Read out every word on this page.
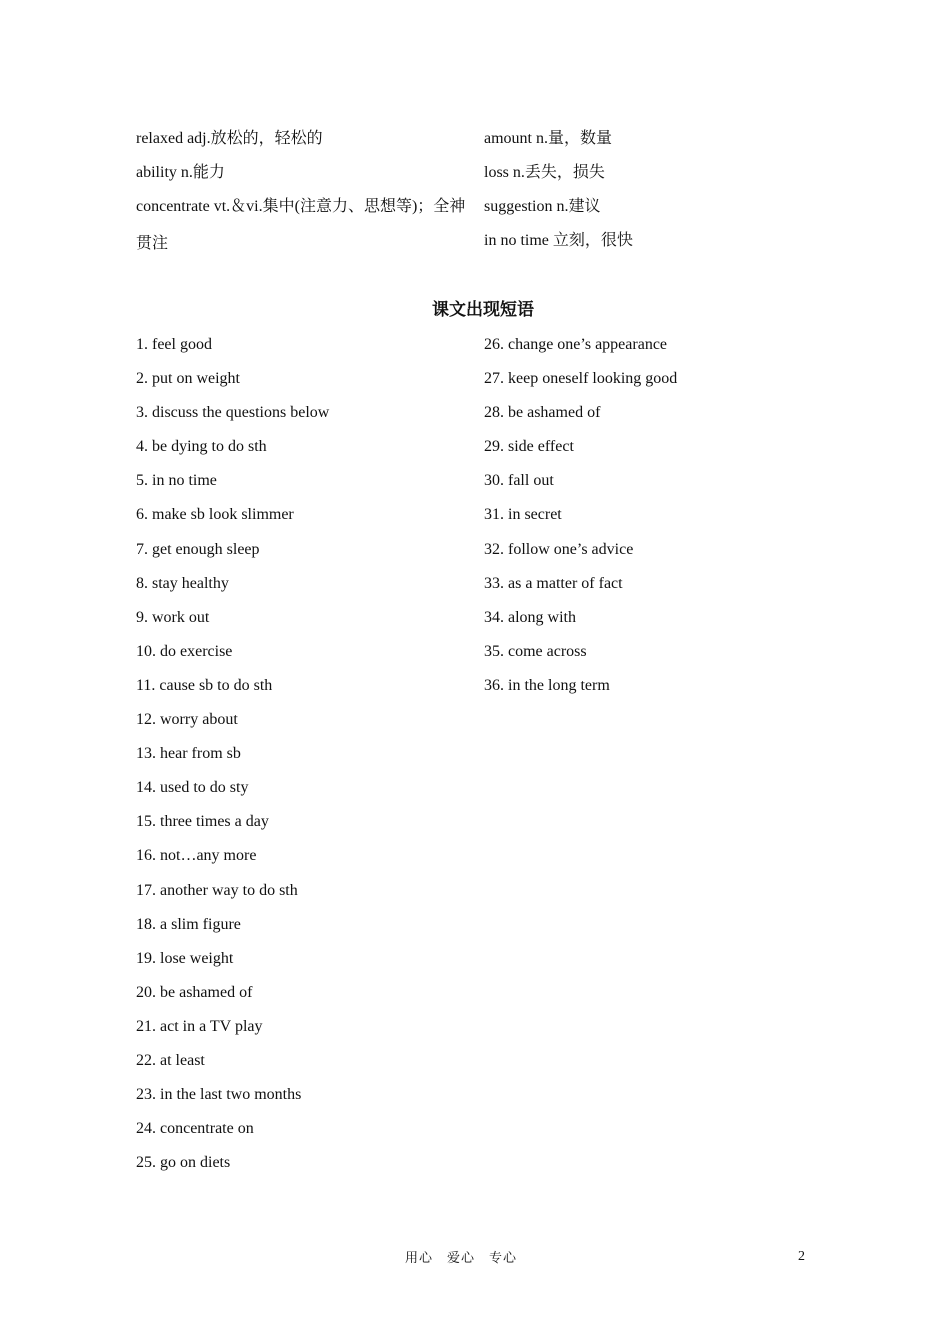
relaxed adj.放松的，轻松的
ability n.能力
concentrate vt.＆vi.集中(注意力、思想等)；全神
贯注
amount n.量，数量
loss n.丢失，损失
suggestion n.建议
in no time 立刻，很快
课文出现短语
1. feel good
2. put on weight
3. discuss the questions below
4. be dying to do sth
5. in no time
6. make sb look slimmer
7. get enough sleep
8. stay healthy
9. work out
10. do exercise
11. cause sb to do sth
12. worry about
13. hear from sb
14. used to do sty
15. three times a day
16. not…any more
17. another way to do sth
18. a slim figure
19. lose weight
20. be ashamed of
21. act in a TV play
22. at least
23. in the last two months
24. concentrate on
25. go on diets
26. change one’s appearance
27. keep oneself looking good
28. be ashamed of
29. side effect
30. fall out
31. in secret
32. follow one’s advice
33. as a matter of fact
34. along with
35. come across
36. in the long term
用心　爱心　专心	2
